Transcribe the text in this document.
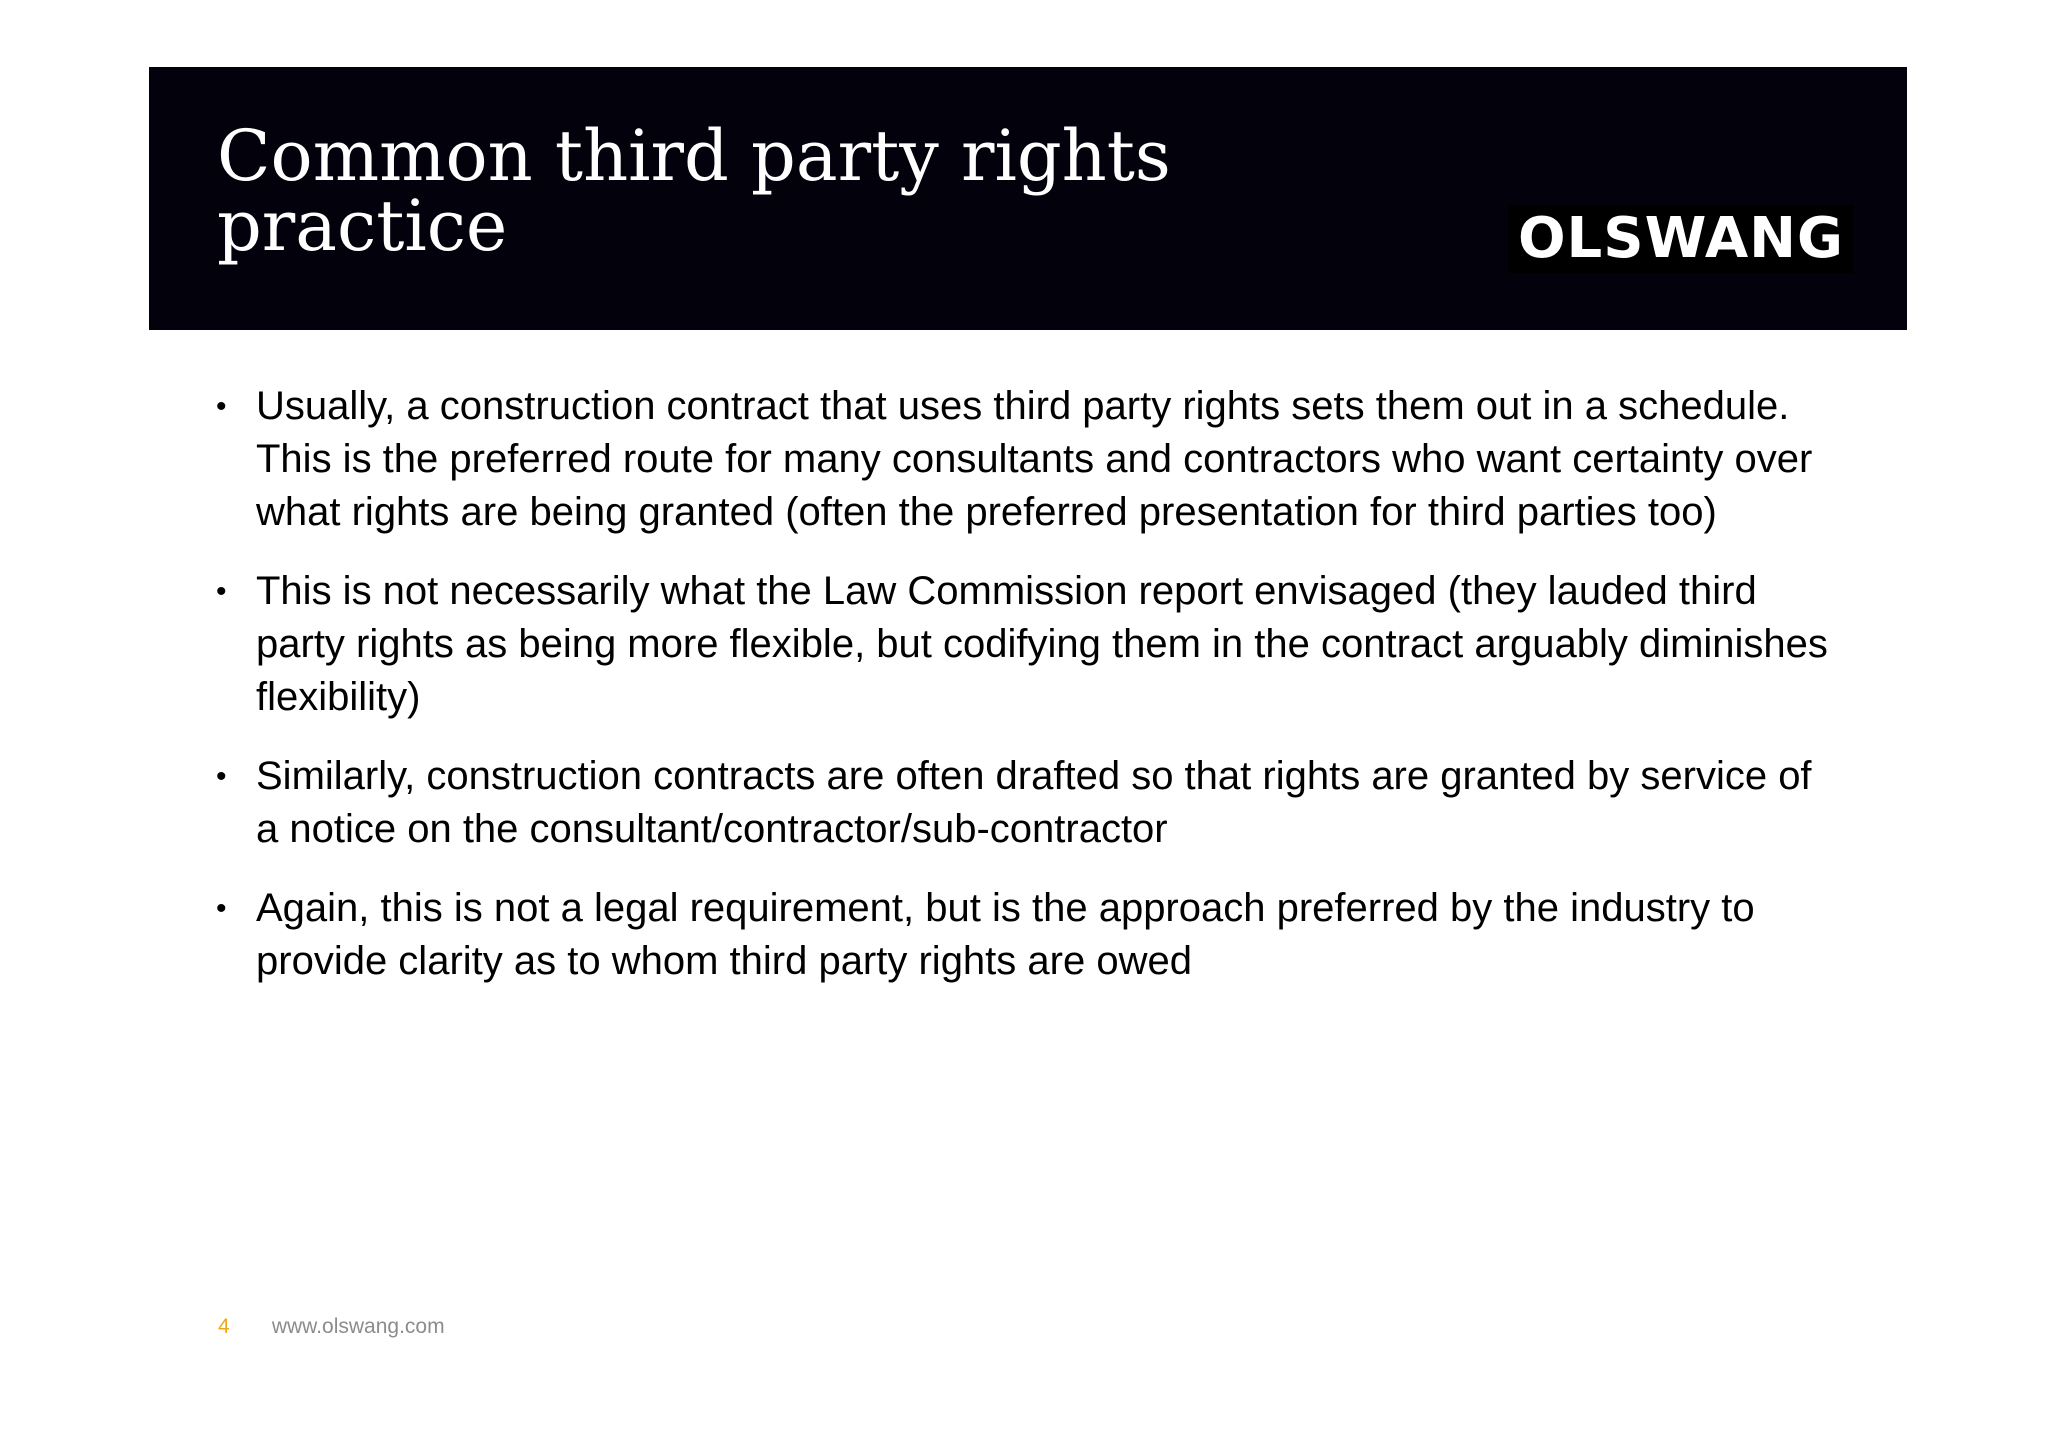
Common third party rights
practice	OLSWANG
• Usually, a construction contract that uses third party rights sets them out in a schedule. This is the preferred route for many consultants and contractors who want certainty over what rights are being granted (often the preferred presentation for third parties too)
• This is not necessarily what the Law Commission report envisaged (they lauded third party rights as being more flexible, but codifying them in the contract arguably diminishes flexibility)
• Similarly, construction contracts are often drafted so that rights are granted by service of a notice on the consultant/contractor/sub-contractor
• Again, this is not a legal requirement, but is the approach preferred by the industry to provide clarity as to whom third party rights are owed
4 www.olswang.com
